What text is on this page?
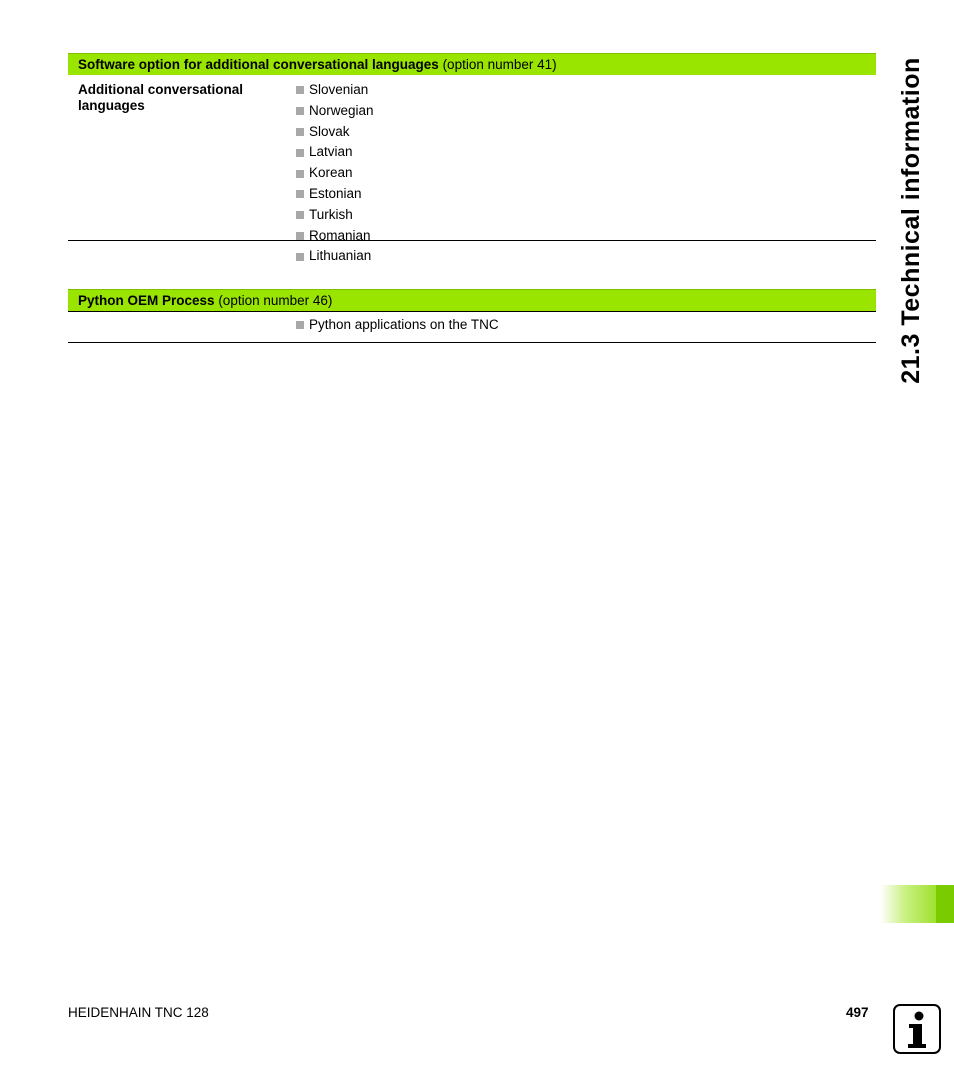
Software option for additional conversational languages (option number 41)
Additional conversational languages
Slovenian
Norwegian
Slovak
Latvian
Korean
Estonian
Turkish
Romanian
Lithuanian
Python OEM Process (option number 46)
Python applications on the TNC	21.3 Technical information
HEIDENHAIN TNC 128	497
